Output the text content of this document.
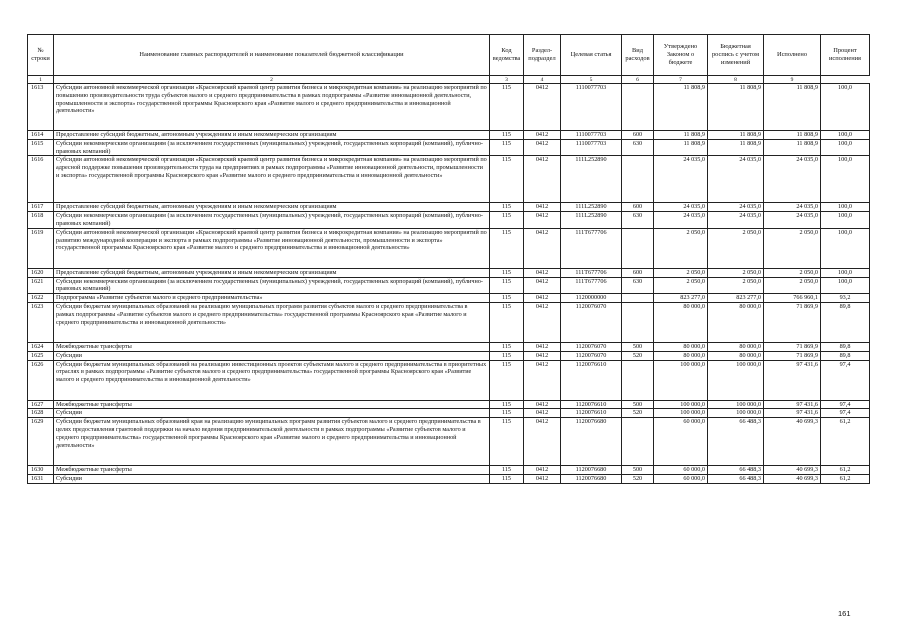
№ строки	Наименование главных распорядителей и наименование показателей бюджетной классификации	Код ведомства	Раздел-подраздел	Целевая статья	Вид расходов	Утверждено Законом о бюджете	Бюджетная роспись с учетом изменений	Исполнено	Процент исполнения
1	2	3	4	5	6	7	8	9
1613	Субсидии автономной некоммерческой организации «Красноярский краевой центр развития бизнеса и микрокредитная компания» на реализацию мероприятий по повышению производительности труда субъектов малого и среднего предпринимательства в рамках подпрограммы «Развитие инновационной деятельности, промышленности и экспорта» государственной программы Красноярского края «Развитие малого и среднего предпринимательства и инновационной деятельности»	115	0412	1110077703		11 808,9	11 808,9	11 808,9	100,0
1614	Предоставление субсидий бюджетным, автономным учреждениям и иным некоммерческим организациям	115	0412	1110077703	600	11 808,9	11 808,9	11 808,9	100,0
1615	Субсидии некоммерческим организациям (за исключением государственных (муниципальных) учреждений, государственных корпораций (компаний), публично-правовых компаний)	115	0412	1110077703	630	11 808,9	11 808,9	11 808,9	100,0
1616	Субсидии автономной некоммерческой организации «Красноярский краевой центр развития бизнеса и микрокредитная компания» на реализацию мероприятий по адресной поддержке повышения производительности труда на предприятиях в рамках подпрограммы «Развитие инновационной деятельности, промышленности и экспорта» государственной программы Красноярского края «Развитие малого и среднего предпринимательства и инновационной деятельности»	115	0412	111L252890		24 035,0	24 035,0	24 035,0	100,0
1617	Предоставление субсидий бюджетным, автономным учреждениям и иным некоммерческим организациям	115	0412	111L252890	600	24 035,0	24 035,0	24 035,0	100,0
1618	Субсидии некоммерческим организациям (за исключением государственных (муниципальных) учреждений, государственных корпораций (компаний), публично-правовых компаний)	115	0412	111L252890	630	24 035,0	24 035,0	24 035,0	100,0
1619	Субсидии автономной некоммерческой организации «Красноярский краевой центр развития бизнеса и микрокредитная компания» на реализацию мероприятий по развитию международной кооперации и экспорта в рамках подпрограммы «Развитие инновационной деятельности, промышленности и экспорта» государственной программы Красноярского края «Развитие малого и среднего предпринимательства и инновационной деятельности»	115	0412	111T677706		2 050,0	2 050,0	2 050,0	100,0
1620	Предоставление субсидий бюджетным, автономным учреждениям и иным некоммерческим организациям	115	0412	111T677706	600	2 050,0	2 050,0	2 050,0	100,0
1621	Субсидии некоммерческим организациям (за исключением государственных (муниципальных) учреждений, государственных корпораций (компаний), публично-правовых компаний)	115	0412	111T677706	630	2 050,0	2 050,0	2 050,0	100,0
1622	Подпрограмма «Развитие субъектов малого и среднего предпринимательства»	115	0412	1120000000		823 277,0	823 277,0	766 960,1	93,2
1623	Субсидии бюджетам муниципальных образований на реализацию муниципальных программ развития субъектов малого и среднего предпринимательства в рамках подпрограммы «Развитие субъектов малого и среднего предпринимательства» государственной программы Красноярского края «Развитие малого и среднего предпринимательства и инновационной деятельности»	115	0412	1120076070		80 000,0	80 000,0	71 869,9	89,8
1624	Межбюджетные трансферты	115	0412	1120076070	500	80 000,0	80 000,0	71 869,9	89,8
1625	Субсидии	115	0412	1120076070	520	80 000,0	80 000,0	71 869,9	89,8
1626	Субсидии бюджетам муниципальных образований на реализацию инвестиционных проектов субъектами малого и среднего предпринимательства в приоритетных отраслях в рамках подпрограммы «Развитие субъектов малого и среднего предпринимательства» государственной программы Красноярского края «Развитие малого и среднего предпринимательства и инновационной деятельности»	115	0412	1120076610		100 000,0	100 000,0	97 431,6	97,4
1627	Межбюджетные трансферты	115	0412	1120076610	500	100 000,0	100 000,0	97 431,6	97,4
1628	Субсидии	115	0412	1120076610	520	100 000,0	100 000,0	97 431,6	97,4
1629	Субсидии бюджетам муниципальных образований края на реализацию муниципальных программ развития субъектов малого и среднего предпринимательства в целях предоставления грантовой поддержки на начало ведения предпринимательской деятельности в рамках подпрограммы «Развитие субъектов малого и среднего предпринимательства» государственной программы Красноярского края «Развитие малого и среднего предпринимательства и инновационной деятельности»	115	0412	1120076680		60 000,0	66 488,3	40 699,3	61,2
1630	Межбюджетные трансферты	115	0412	1120076680	500	60 000,0	66 488,3	40 699,3	61,2
1631	Субсидии	115	0412	1120076680	520	60 000,0	66 488,3	40 699,3	61,2
161
